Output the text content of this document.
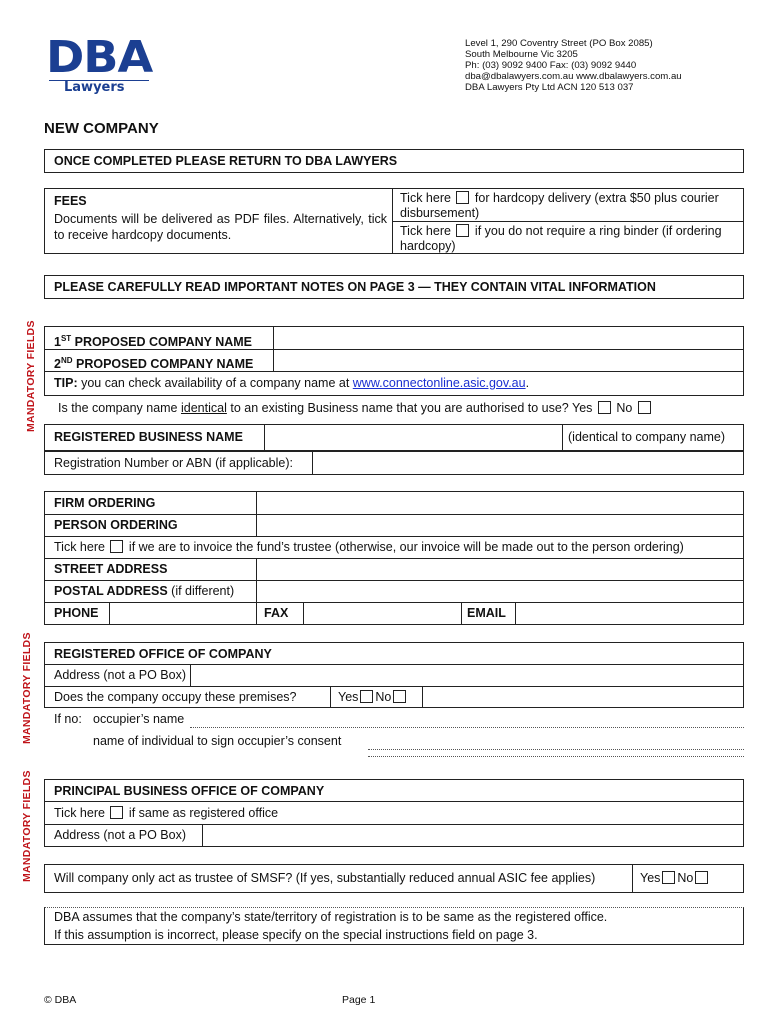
DBA
Lawyers
Level 1, 290 Coventry Street (PO Box 2085)
South Melbourne Vic 3205
Ph: (03) 9092 9400 Fax: (03) 9092 9440
dba@dbalawyers.com.au www.dbalawyers.com.au
DBA Lawyers Pty Ltd ACN 120 513 037
NEW COMPANY
ONCE COMPLETED PLEASE RETURN TO DBA LAWYERS
FEES
Documents will be delivered as PDF files. Alternatively, tick to receive hardcopy documents.
Tick here for hardcopy delivery (extra $50 plus courier disbursement)
Tick here if you do not require a ring binder (if ordering hardcopy)
PLEASE CAREFULLY READ IMPORTANT NOTES ON PAGE 3 — THEY CONTAIN VITAL INFORMATION
MANDATORY FIELDS 1ST PROPOSED COMPANY NAME
2ND PROPOSED COMPANY NAME
TIP: you can check availability of a company name at www.connectonline.asic.gov.au.
Is the company name identical to an existing Business name that you are authorised to use? Yes No
REGISTERED BUSINESS NAME	(identical to company name)
Registration Number or ABN (if applicable):
FIRM ORDERING
PERSON ORDERING
Tick here if we are to invoice the fund’s trustee (otherwise, our invoice will be made out to the person ordering)
STREET ADDRESS
POSTAL ADDRESS (if different)
PHONE	FAX	EMAIL
MANDATORY FIELDS REGISTERED OFFICE OF COMPANY
Address (not a PO Box)
Does the company occupy these premises?	Yes No
If no: occupier’s name
name of individual to sign occupier’s consent
MANDATORY FIELDS PRINCIPAL BUSINESS OFFICE OF COMPANY
Tick here if same as registered office
Address (not a PO Box)
Will company only act as trustee of SMSF? (If yes, substantially reduced annual ASIC fee applies)	Yes No
DBA assumes that the company’s state/territory of registration is to be same as the registered office.
If this assumption is incorrect, please specify on the special instructions field on page 3.
© DBA	Page 1
